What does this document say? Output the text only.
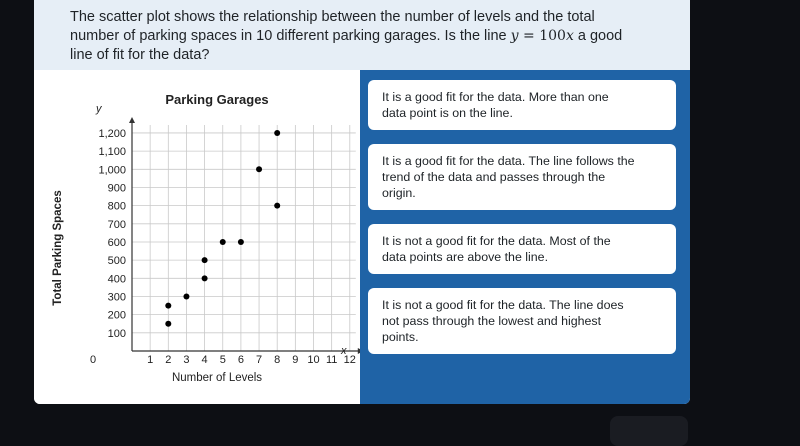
The scatter plot shows the relationship between the number of levels and the total
number of parking spaces in 10 different parking garages. Is the line y = 100x a good
line of fit for the data?
1 2 3 4 5 6 7 8 9 10 11 12
100
200
300
400
500
600
700
800
900
1,000
1,100
1,200
Parking Garages
Number of Levels
Total Parking Spaces
x
y
0
It is a good fit for the data. More than one
data point is on the line.
It is a good fit for the data. The line follows the
trend of the data and passes through the
origin.
It is not a good fit for the data. Most of the
data points are above the line.
It is not a good fit for the data. The line does
not pass through the lowest and highest
points.
